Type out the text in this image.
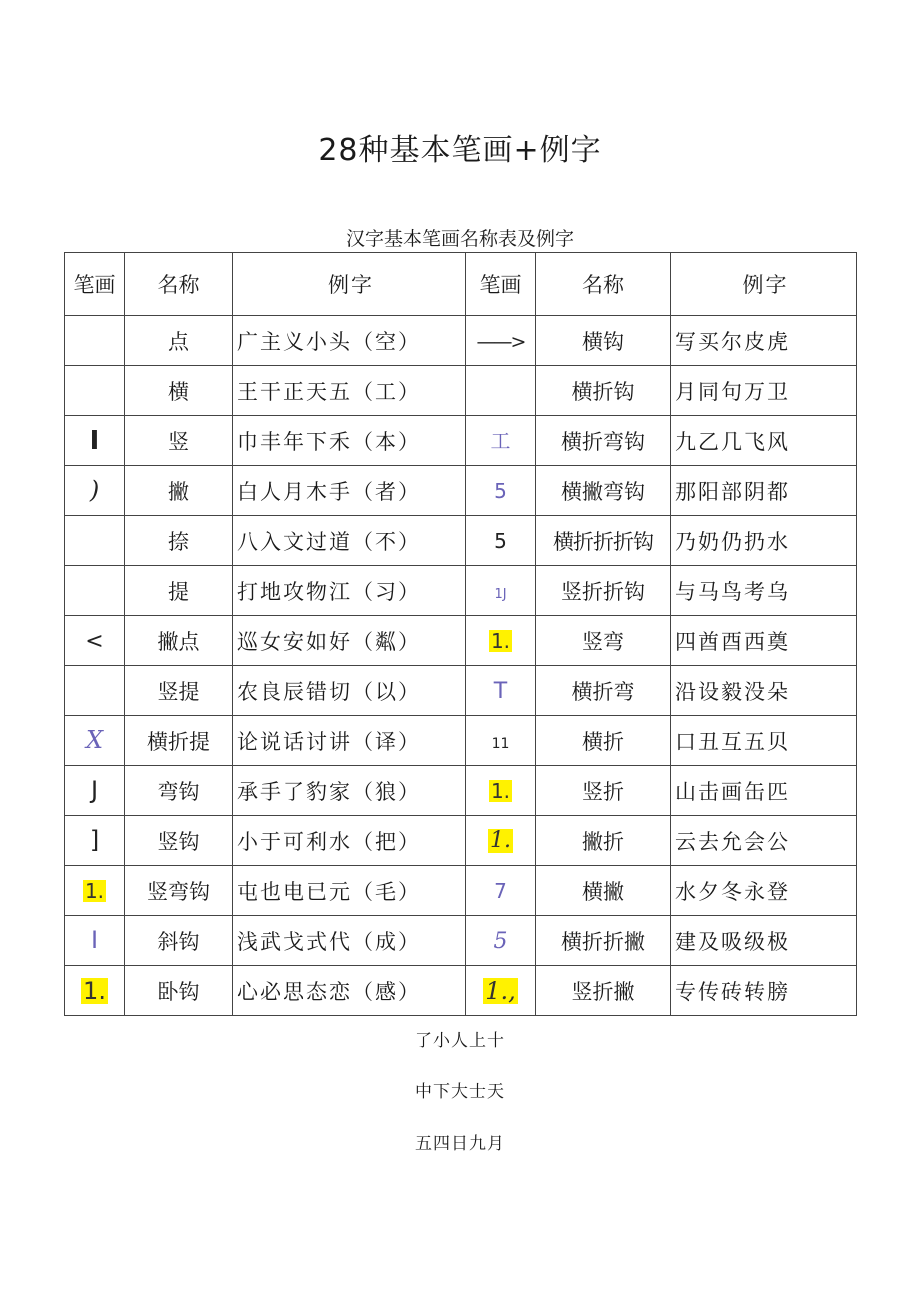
28种基本笔画+例字
汉字基本笔画名称表及例字
笔画	名称	例字	笔画	名称	例字
	点	广主义小头（空）	——>	横钩	写买尔皮虎
	横	王干正天五（工）		横折钩	月同句万卫
I	竖	巾丰年下禾（本）	工	横折弯钩	九乙几飞风
)	撇	白人月木手（者）	5	横撇弯钩	那阳部阴都
	捺	八入文过道（不）	5	横折折折钩	乃奶仍扔水
	提	打地攻物江（习）	1J	竖折折钩	与马鸟考乌
<	撇点	巡女安如好（粼）	1.	竖弯	四酋酉西奠
	竖提	农良辰错切（以）	T	横折弯	沿设毅没朵
X	横折提	论说话讨讲（译）	11	横折	口丑互五贝
J	弯钩	承手了豹家（狼）	1.	竖折	山击画缶匹
]	竖钩	小于可利水（把）	1.	撇折	云去允会公
1.	竖弯钩	屯也电已元（毛）	7	横撇	水夕冬永登
I	斜钩	浅武戈式代（成）	5	横折折撇	建及吸级极
1.	卧钩	心必思态恋（感）	1.,	竖折撇	专传砖转膀
了小人上十
中下大士天
五四日九月
